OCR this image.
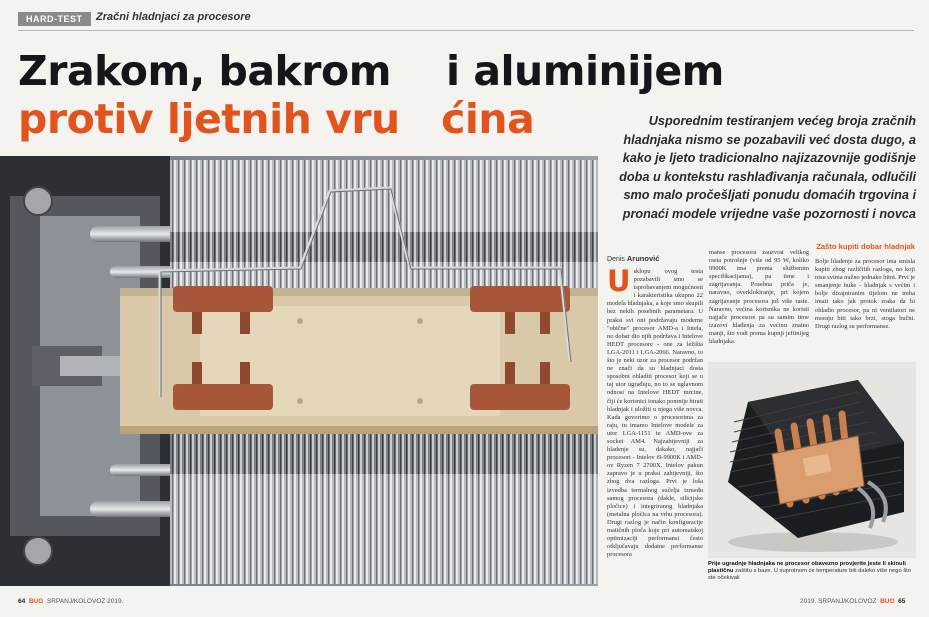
HARD-TEST	Zračni hladnjaci za procesore
Zrakom, bakrom    i aluminijem
protiv ljetnih vru   ćina	Usporednim testiranjem većeg broja zračnih hladnjaka nismo se pozabavili već dosta dugo, a kako je ljeto tradicionalno najizazovnije godišnje doba u kontekstu rashlađivanja računala, odlučili smo malo pročešljati ponudu domaćih trgovina i pronaći modele vrijedne vaše pozornosti i novca
Denis Arunović
U sklopu ovog testa pozabavili smo se isprobavanjem mogućnosti i karakteristika ukupno 22 modela hladnjaka, a koje smo skupili bez nekih posebnih parametara. U praksi svi oni podržavaju moderne "obične" procesor AMD-a i Intela, no dobar dio njih podržava i Intelove HEDT procesore - one za ležišta LGA-2011 i LGA-2066. Naravno, to što je neki uzor za procesor podržan ne znači da su hladnjaci dosta sposobni ohladiti procesor koji se u taj utor ugrađuju, no to se uglavnom odnosi na Intelove HEDT mrcine, čiji će korisnici ionako pomnije birati hladnjak i uložiti u njega više novca. Kada govorimo o procesorima za raju, tu imamo Intelove modele za utor LGA-1151 te AMD-ove za socket AM4. Najzahtjevniji za hladenje su, dakako, najjači procesori - Intelov i9-9900K i AMD-ov Ryzen 7 2700X. Intelov pakun zapravo je u praksi zahtjevniji, što zbog dva razloga. Prvi je loša izvedba termalnog sučelja između samog procesora (dakle, silicijske pločice) i integriranog hladnjaka (metalna pločica na vrhu procesora). Drugi razlog je način konfiguracije matičnih ploča koje pri automatskoj optimizaciji performansi često otključavaju dodatne performanse procesora
manse procesora zauzvrat velikog rasta potrošnje (više od 95 W, koliko 9900K ima prema službenim specifikacijama), pa time i zagrijavanja. Posebna priča je, naravno, overklokiranje, pri kojem zagrijavanje procesora još više raste. Naravno, većina korisnika ne koristi najjače procesore pa su samim time izazovi hlađenja za većinu znatno manji, što vodi prema kupnji jeftinijeg hladnjaka.
Zašto kupiti dobar hladnjak
Bolje hladenje za procesor ima smisla kupiti zbog različitih razloga, no koji nisu svima nužno jednako bitni. Prvi je smanjenje buke - hladnjak s većim i bolje dizajniranim tijelom ne treba imati tako jak protok zraka da bi ohladio procesor, pa ni ventilatori ne moraju biti tako brzi, stoga bučni. Drugi razlog su performanse.
Prije ugradnje hladnjaka ne procesor obavezno provjerite jeste li skinuli plastičnu zaštitu s baze. U suprotnom će temperature biti daleko više nego što ste očekivali
64 BUG SRPANJ/KOLOVOZ 2019.	2019. SRPANJ/KOLOVOZ BUG 65
